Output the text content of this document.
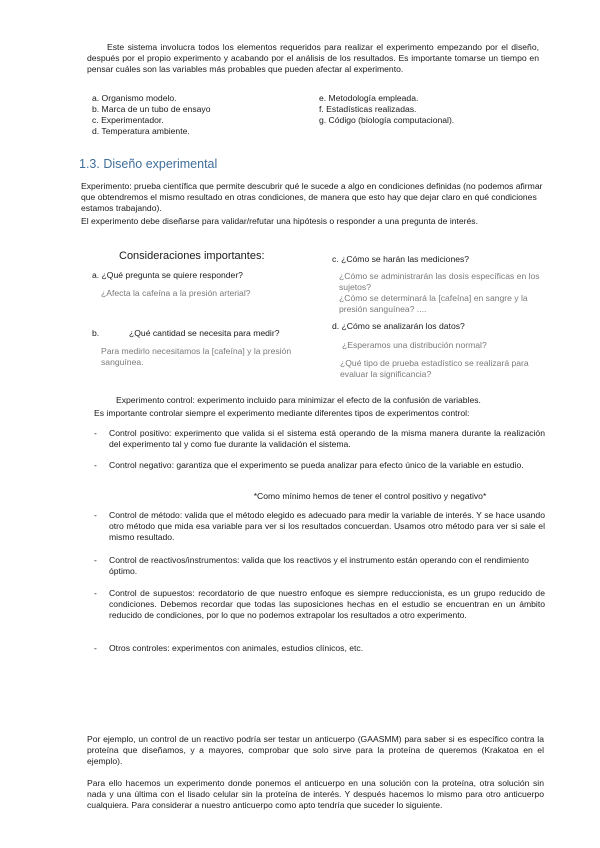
Este sistema involucra todos los elementos requeridos para realizar el experimento empezando por el diseño, después por el propio experimento y acabando por el análisis de los resultados. Es importante tomarse un tiempo en pensar cuáles son las variables más probables que pueden afectar al experimento.
a. Organismo modelo.
b. Marca de un tubo de ensayo
c. Experimentador.
d. Temperatura ambiente.
e. Metodología empleada.
f. Estadísticas realizadas.
g. Código (biología computacional).
1.3. Diseño experimental
Experimento: prueba científica que permite descubrir qué le sucede a algo en condiciones definidas (no podemos afirmar que obtendremos el mismo resultado en otras condiciones, de manera que esto hay que dejar claro en qué condiciones estamos trabajando).
El experimento debe diseñarse para validar/refutar una hipótesis o responder a una pregunta de interés.
Consideraciones importantes:
a. ¿Qué pregunta se quiere responder?
¿Afecta la cafeína a la presión arterial?
b.	¿Qué cantidad se necesita para medir?
Para medirlo necesitamos la [cafeína] y la presión sanguínea.
c. ¿Cómo se harán las mediciones?
¿Cómo se administrarán las dosis específicas en los sujetos?
¿Cómo se determinará la [cafeína] en sangre y la presión sanguínea? ....
d. ¿Cómo se analizarán los datos?
¿Esperamos una distribución normal?
¿Qué tipo de prueba estadístico se realizará para evaluar la significancia?
Experimento control: experimento incluido para minimizar el efecto de la confusión de variables.
Es importante controlar siempre el experimento mediante diferentes tipos de experimentos control:
- Control positivo: experimento que valida si el sistema está operando de la misma manera durante la realización del experimento tal y como fue durante la validación el sistema.
- Control negativo: garantiza que el experimento se pueda analizar para efecto único de la variable en estudio.
*Como mínimo hemos de tener el control positivo y negativo*
- Control de método: valida que el método elegido es adecuado para medir la variable de interés. Y se hace usando otro método que mida esa variable para ver si los resultados concuerdan. Usamos otro método para ver si sale el mismo resultado.
- Control de reactivos/instrumentos: valida que los reactivos y el instrumento están operando con el rendimiento óptimo.
- Control de supuestos: recordatorio de que nuestro enfoque es siempre reduccionista, es un grupo reducido de condiciones. Debemos recordar que todas las suposiciones hechas en el estudio se encuentran en un ámbito reducido de condiciones, por lo que no podemos extrapolar los resultados a otro experimento.
- Otros controles: experimentos con animales, estudios clínicos, etc.
Por ejemplo, un control de un reactivo podría ser testar un anticuerpo (GAASMM) para saber si es específico contra la proteína que diseñamos, y a mayores, comprobar que solo sirve para la proteína de queremos (Krakatoa en el ejemplo).
Para ello hacemos un experimento donde ponemos el anticuerpo en una solución con la proteína, otra solución sin nada y una última con el lisado celular sin la proteína de interés. Y después hacemos lo mismo para otro anticuerpo cualquiera. Para considerar a nuestro anticuerpo como apto tendría que suceder lo siguiente.
